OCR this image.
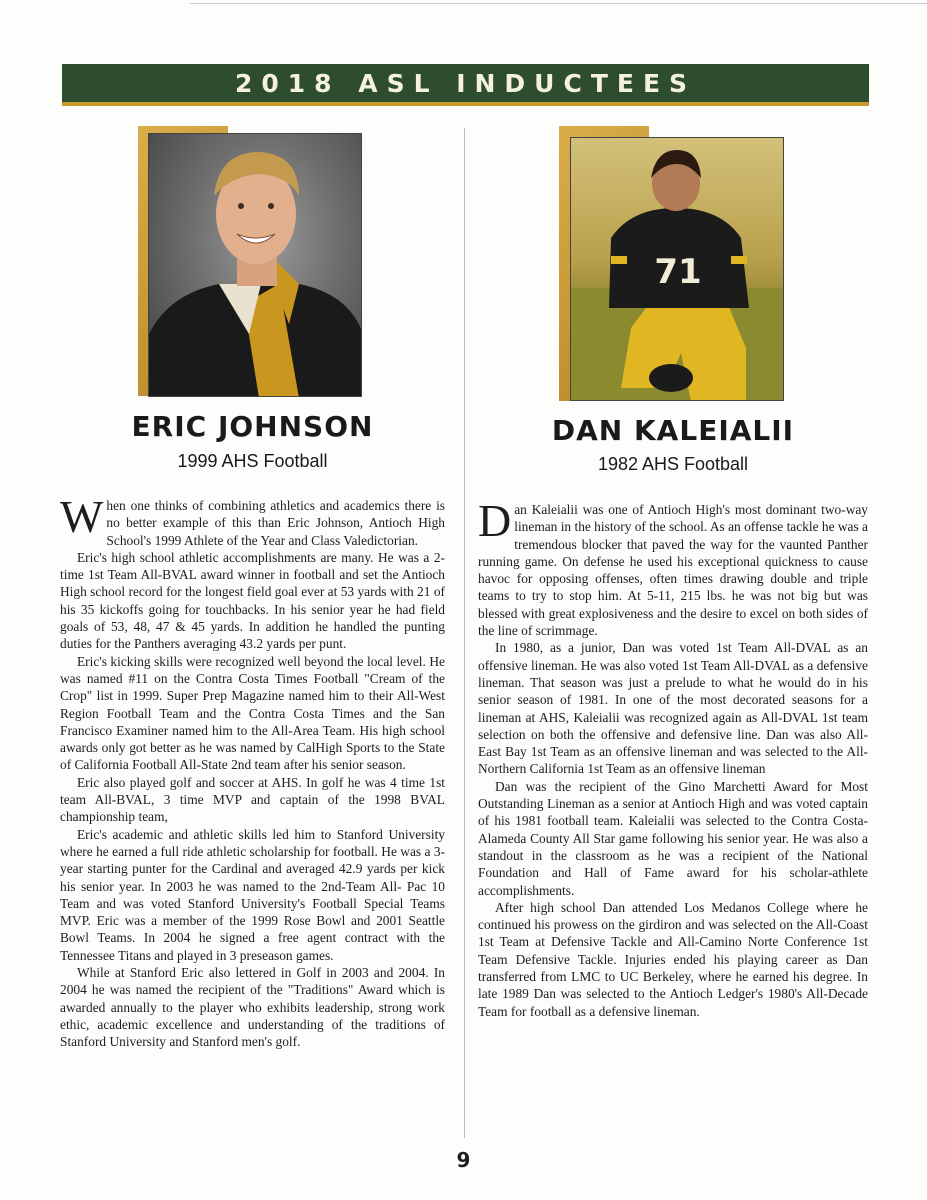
2018 ASL INDUCTEES
71
ERIC JOHNSON
1999 AHS Football
DAN KALEIALII
1982 AHS Football

When one thinks of combining athletics and academics there is no better example of this than Eric Johnson, Antioch High School's 1999 Athlete of the Year and Class Valedictorian.

Eric's high school athletic accomplishments are many. He was a 2-time 1st Team All-BVAL award winner in football and set the Antioch High school record for the longest field goal ever at 53 yards with 21 of his 35 kickoffs going for touchbacks. In his senior year he had field goals of 53, 48, 47 & 45 yards. In addition he handled the punting duties for the Panthers averaging 43.2 yards per punt.

Eric's kicking skills were recognized well beyond the local level. He was named #11 on the Contra Costa Times Football "Cream of the Crop" list in 1999. Super Prep Magazine named him to their All-West Region Football Team and the Contra Costa Times and the San Francisco Examiner named him to the All-Area Team. His high school awards only got better as he was named by CalHigh Sports to the State of California Football All-State 2nd team after his senior season.

Eric also played golf and soccer at AHS. In golf he was 4 time 1st team All-BVAL, 3 time MVP and captain of the 1998 BVAL championship team,

Eric's academic and athletic skills led him to Stanford University where he earned a full ride athletic scholarship for football. He was a 3-year starting punter for the Cardinal and averaged 42.9 yards per kick his senior year. In 2003 he was named to the 2nd-Team All- Pac 10 Team and was voted Stanford University's Football Special Teams MVP. Eric was a member of the 1999 Rose Bowl and 2001 Seattle Bowl Teams. In 2004 he signed a free agent contract with the Tennessee Titans and played in 3 preseason games.

While at Stanford Eric also lettered in Golf in 2003 and 2004. In 2004 he was named the recipient of the "Traditions" Award which is awarded annually to the player who exhibits leadership, strong work ethic, academic excellence and understanding of the traditions of Stanford University and Stanford men's golf.

Dan Kaleialii was one of Antioch High's most dominant two-way lineman in the history of the school. As an offense tackle he was a tremendous blocker that paved the way for the vaunted Panther running game. On defense he used his exceptional quickness to cause havoc for opposing offenses, often times drawing double and triple teams to try to stop him. At 5-11, 215 lbs. he was not big but was blessed with great explosiveness and the desire to excel on both sides of the line of scrimmage.

In 1980, as a junior, Dan was voted 1st Team All-DVAL as an offensive lineman. He was also voted 1st Team All-DVAL as a defensive lineman. That season was just a prelude to what he would do in his senior season of 1981. In one of the most decorated seasons for a lineman at AHS, Kaleialii was recognized again as All-DVAL 1st team selection on both the offensive and defensive line. Dan was also All-East Bay 1st Team as an offensive lineman and was selected to the All-Northern California 1st Team as an offensive lineman

Dan was the recipient of the Gino Marchetti Award for Most Outstanding Lineman as a senior at Antioch High and was voted captain of his 1981 football team. Kaleialii was selected to the Contra Costa-Alameda County All Star game following his senior year. He was also a standout in the classroom as he was a recipient of the National Foundation and Hall of Fame award for his scholar-athlete accomplishments.

After high school Dan attended Los Medanos College where he continued his prowess on the girdiron and was selected on the All-Coast 1st Team at Defensive Tackle and All-Camino Norte Conference 1st Team Defensive Tackle. Injuries ended his playing career as Dan transferred from LMC to UC Berkeley, where he earned his degree. In late 1989 Dan was selected to the Antioch Ledger's 1980's All-Decade Team for football as a defensive lineman.

9
